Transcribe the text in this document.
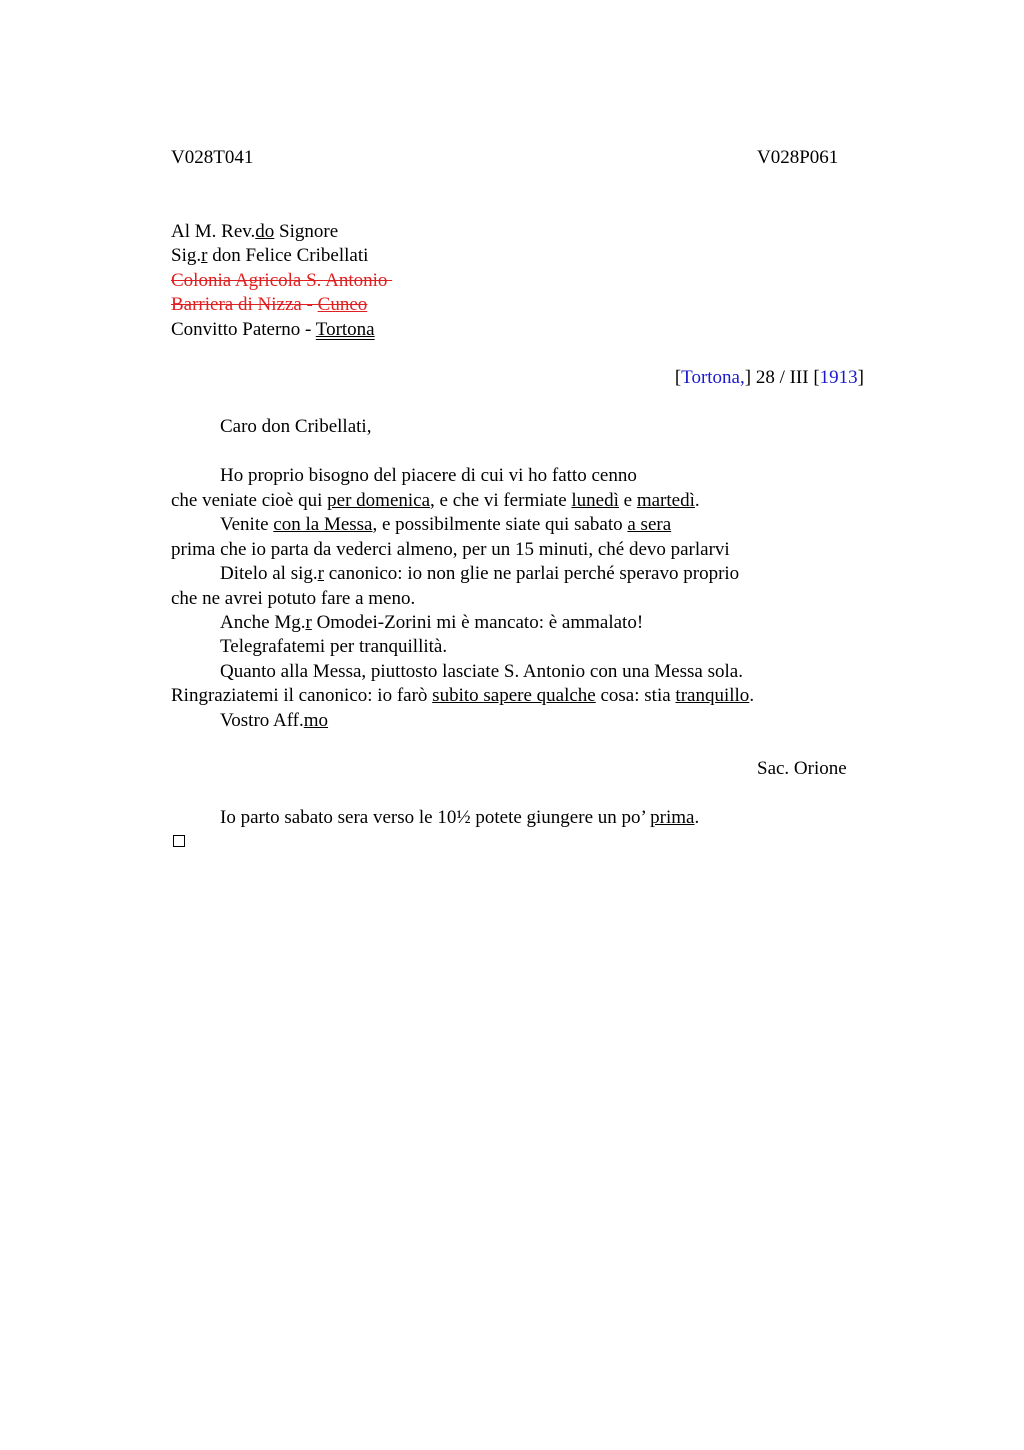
V028T041	V028P061
Al M. Rev.do Signore
Sig.r don Felice Cribellati
Colonia Agricola S. Antonio
Barriera di Nizza - Cuneo
Convitto Paterno - Tortona
[Tortona,] 28 / III [1913]
Caro don Cribellati,
Ho proprio bisogno del piacere di cui vi ho fatto cenno
che veniate cioè qui per domenica, e che vi fermiate lunedì e martedì.
Venite con la Messa, e possibilmente siate qui sabato a sera
prima che io parta da vederci almeno, per un 15 minuti, ché devo parlarvi
Ditelo al sig.r canonico: io non glie ne parlai perché speravo proprio
che ne avrei potuto fare a meno.
Anche Mg.r Omodei-Zorini mi è mancato: è ammalato!
Telegrafatemi per tranquillità.
Quanto alla Messa, piuttosto lasciate S. Antonio con una Messa sola.
Ringraziatemi il canonico: io farò subito sapere qualche cosa: stia tranquillo.
Vostro Aff.mo
Sac. Orione
Io parto sabato sera verso le 10½ potete giungere un po’ prima.
